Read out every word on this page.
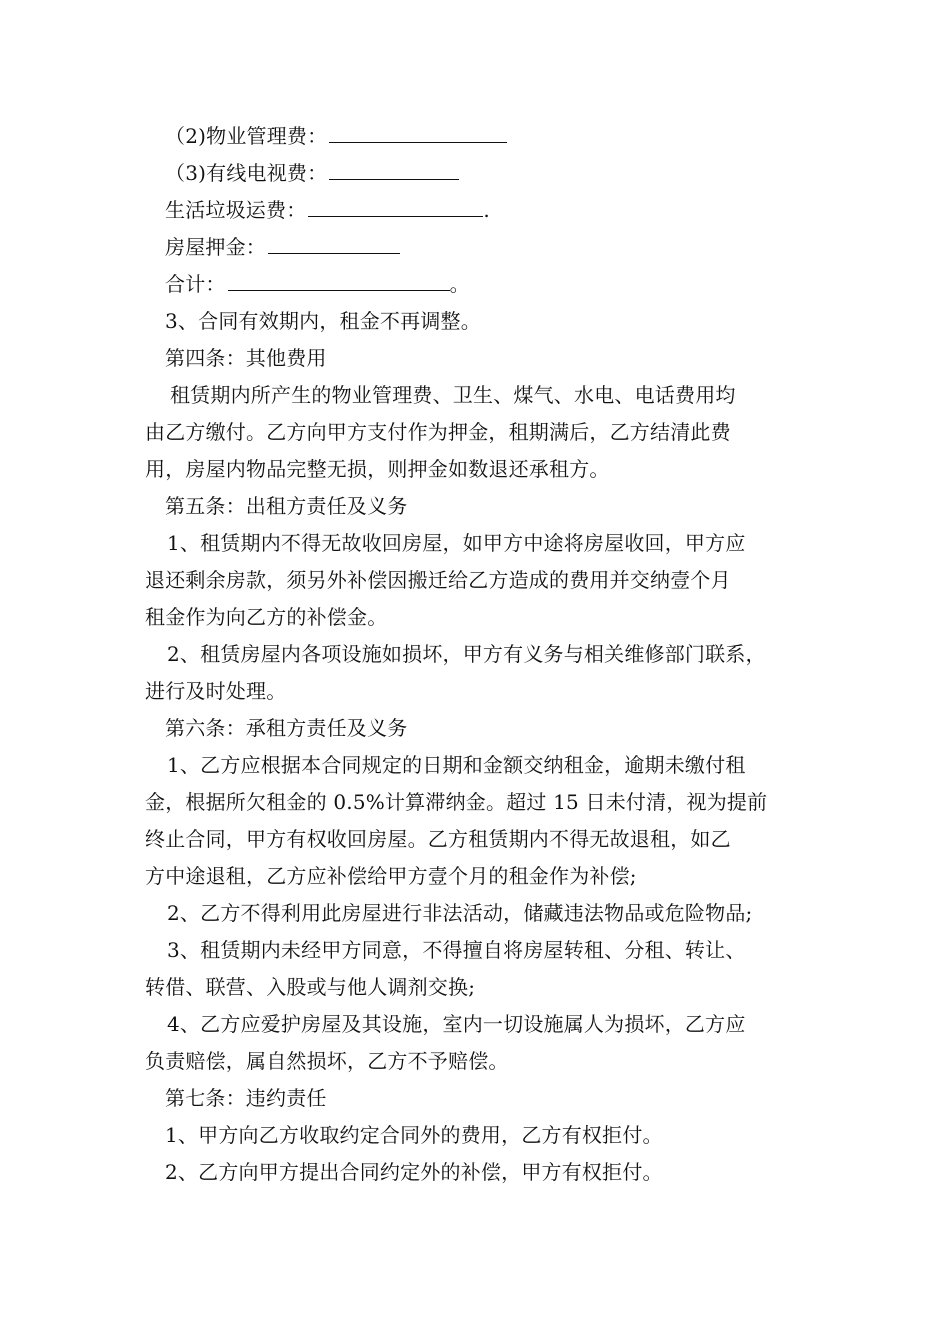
（2)物业管理费：
（3)有线电视费：
生活垃圾运费：	.
房屋押金：
合计：	。
3、合同有效期内，租金不再调整。
第四条：其他费用
租赁期内所产生的物业管理费、卫生、煤气、水电、电话费用均
由乙方缴付。乙方向甲方支付作为押金，租期满后，乙方结清此费
用，房屋内物品完整无损，则押金如数退还承租方。
第五条：出租方责任及义务
1、租赁期内不得无故收回房屋，如甲方中途将房屋收回，甲方应
退还剩余房款，须另外补偿因搬迁给乙方造成的费用并交纳壹个月
租金作为向乙方的补偿金。
2、租赁房屋内各项设施如损坏，甲方有义务与相关维修部门联系，
进行及时处理。
第六条：承租方责任及义务
1、乙方应根据本合同规定的日期和金额交纳租金，逾期未缴付租
金，根据所欠租金的 0.5%计算滞纳金。超过 15 日未付清，视为提前
终止合同，甲方有权收回房屋。乙方租赁期内不得无故退租，如乙
方中途退租，乙方应补偿给甲方壹个月的租金作为补偿;
2、乙方不得利用此房屋进行非法活动，储藏违法物品或危险物品;
3、租赁期内未经甲方同意，不得擅自将房屋转租、分租、转让、
转借、联营、入股或与他人调剂交换;
4、乙方应爱护房屋及其设施，室内一切设施属人为损坏，乙方应
负责赔偿，属自然损坏，乙方不予赔偿。
第七条：违约责任
1、甲方向乙方收取约定合同外的费用，乙方有权拒付。
2、乙方向甲方提出合同约定外的补偿，甲方有权拒付。
